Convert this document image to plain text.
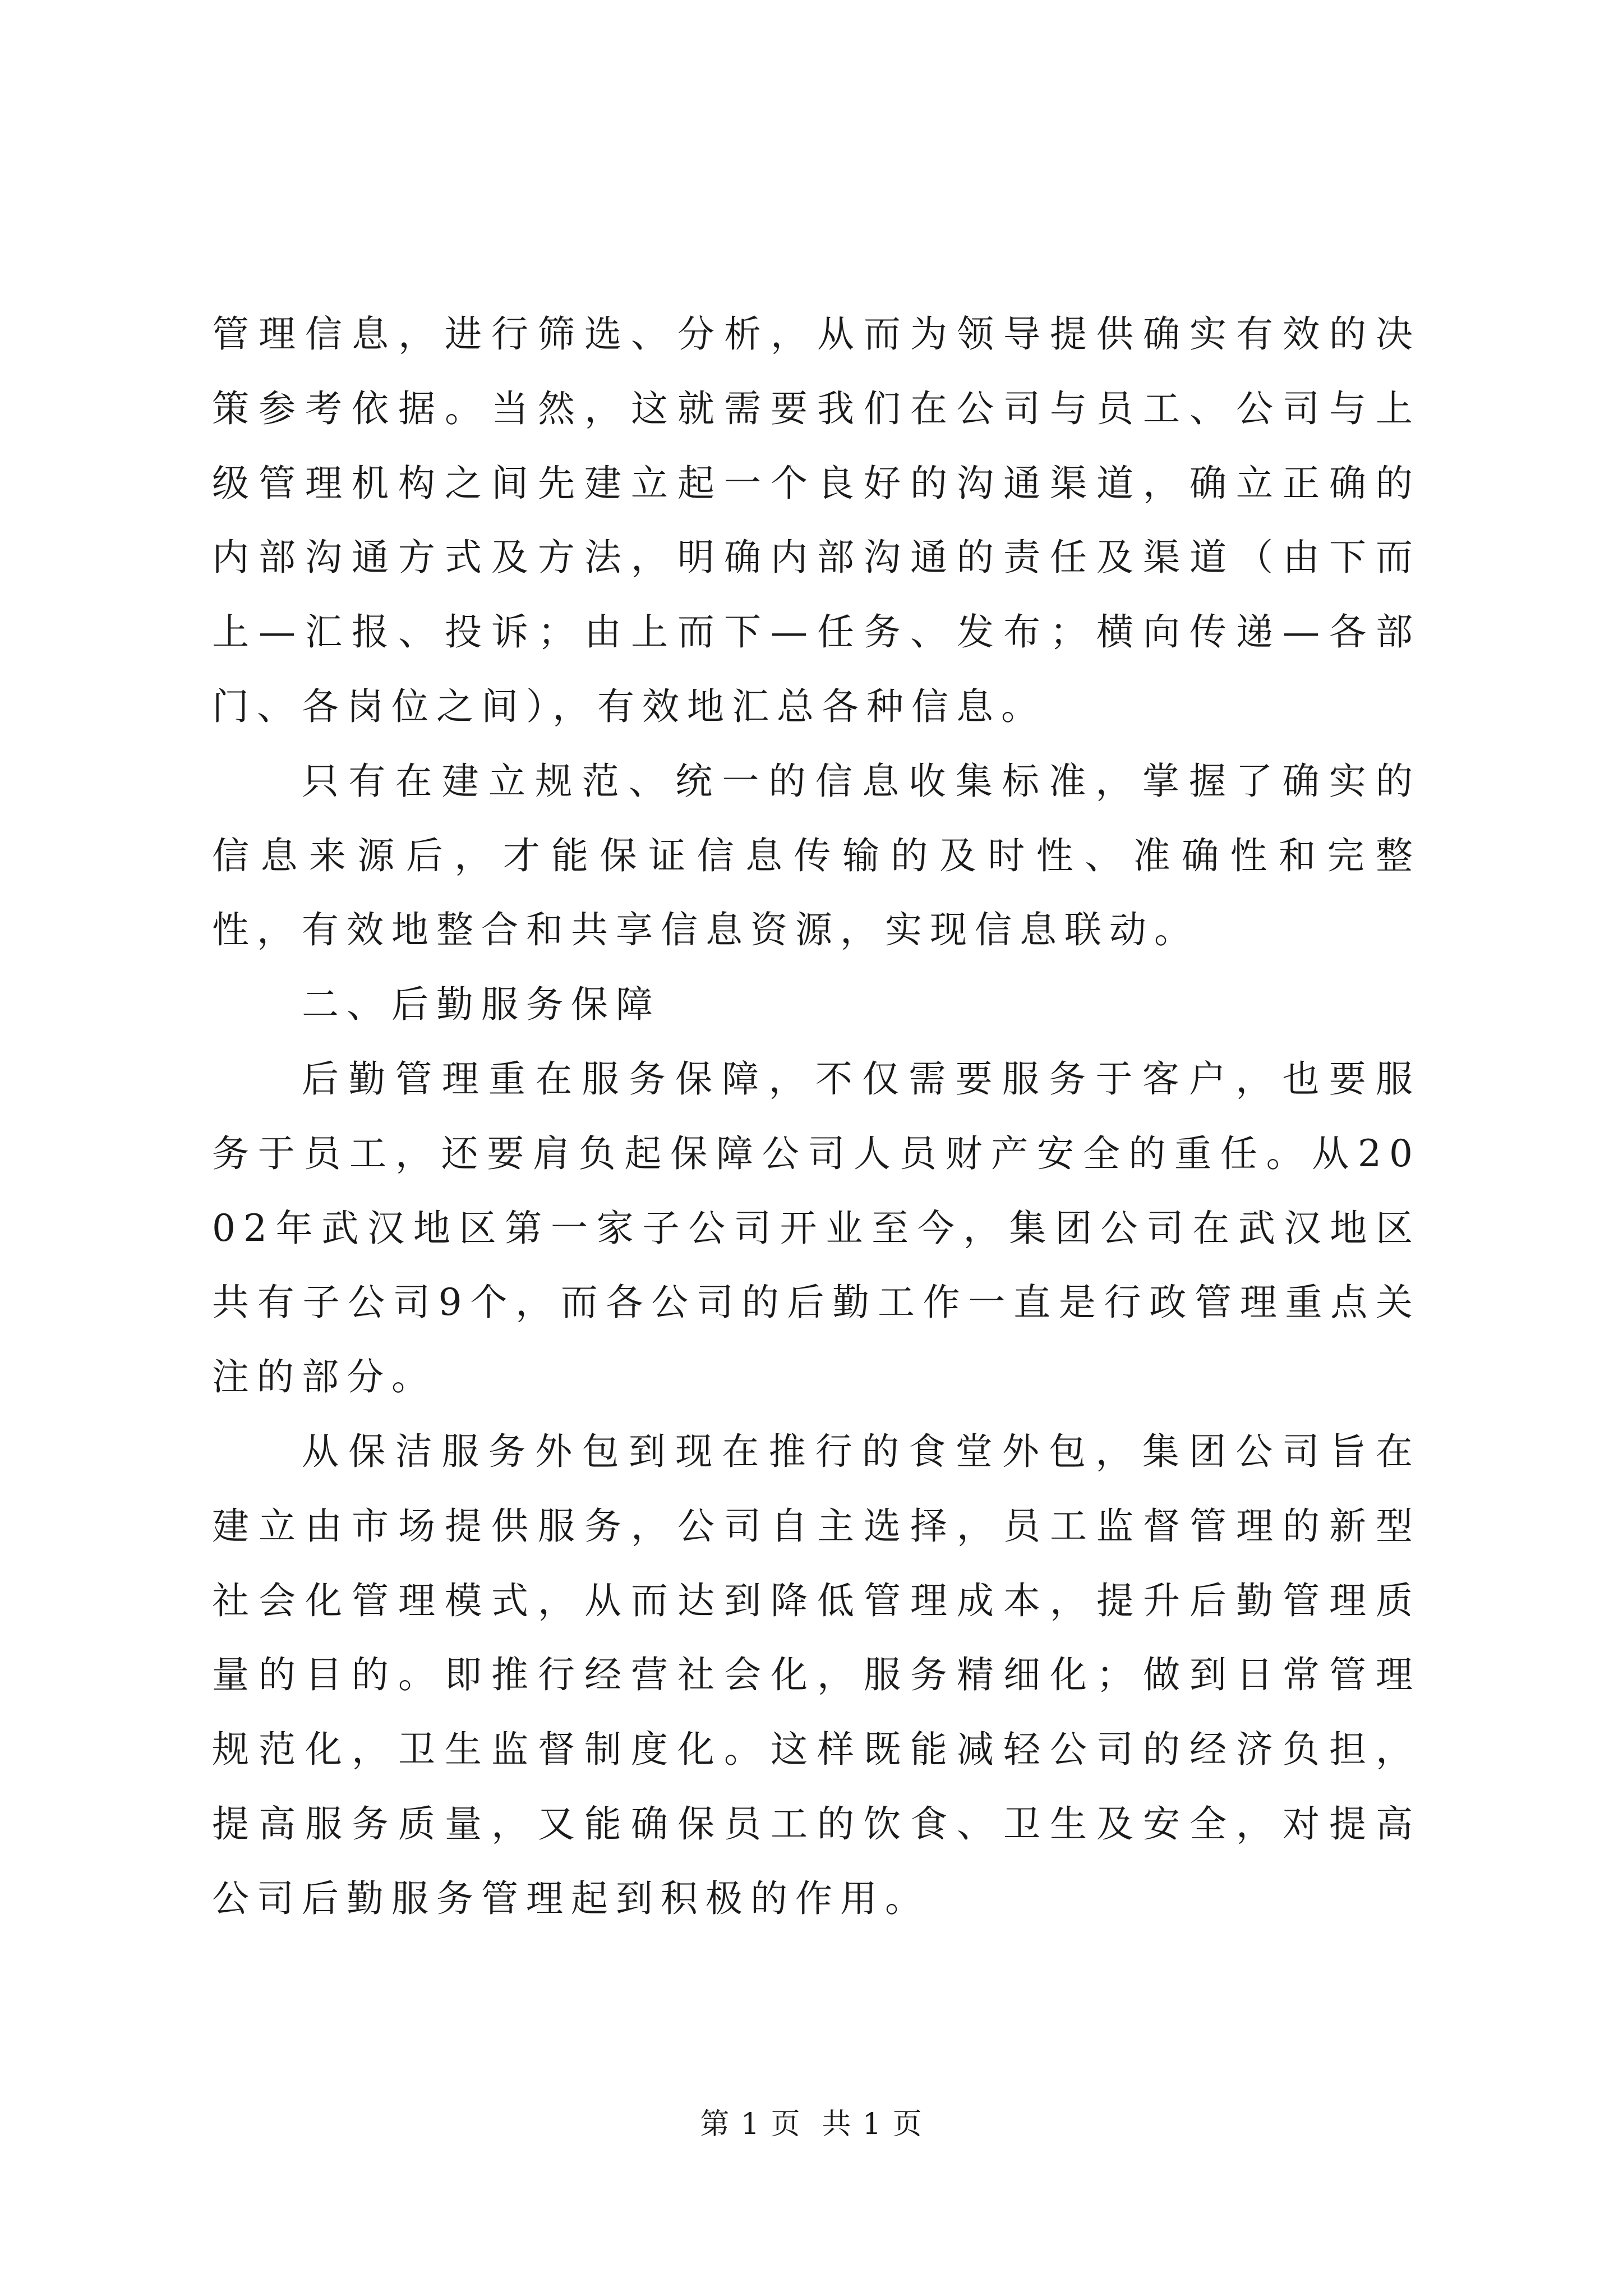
管理信息，进行筛选、分析，从而为领导提供确实有效的决策参考依据。当然，这就需要我们在公司与员工、公司与上级管理机构之间先建立起一个良好的沟通渠道，确立正确的内部沟通方式及方法，明确内部沟通的责任及渠道（由下而上—汇报、投诉；由上而下—任务、发布；横向传递—各部门、各岗位之间），有效地汇总各种信息。

只有在建立规范、统一的信息收集标准，掌握了确实的信息来源后，才能保证信息传输的及时性、准确性和完整性，有效地整合和共享信息资源，实现信息联动。

二、后勤服务保障

后勤管理重在服务保障，不仅需要服务于客户，也要服务于员工，还要肩负起保障公司人员财产安全的重任。从2002年武汉地区第一家子公司开业至今，集团公司在武汉地区共有子公司9个，而各公司的后勤工作一直是行政管理重点关注的部分。

从保洁服务外包到现在推行的食堂外包，集团公司旨在建立由市场提供服务，公司自主选择，员工监督管理的新型社会化管理模式，从而达到降低管理成本，提升后勤管理质量的目的。即推行经营社会化，服务精细化；做到日常管理规范化，卫生监督制度化。这样既能减轻公司的经济负担，提高服务质量，又能确保员工的饮食、卫生及安全，对提高公司后勤服务管理起到积极的作用。

第 1 页  共 1 页
